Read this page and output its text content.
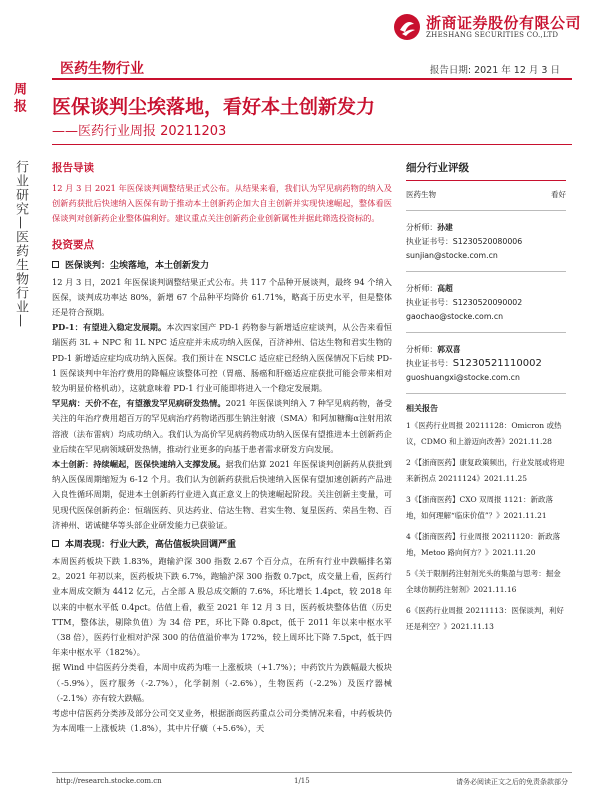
浙商证券股份有限公司
ZHESHANG SECURITIES CO.,LTD
医药生物行业	报告日期: 2021 年 12 月 3 日
周报
行业研究—医药生物行业—
医保谈判尘埃落地，看好本土创新发力
——医药行业周报 20211203
报告导读
12 月 3 日 2021 年医保谈判调整结果正式公布。从结果来看，我们认为罕见病药物的纳入及创新药获批后快速纳入医保有助于推动本土创新药企加大自主创新并实现快速崛起，整体看医保谈判对创新药企业整体偏利好。建议重点关注创新药企业创新属性并据此筛选投资标的。
投资要点
医保谈判：尘埃落地，本土创新发力
12 月 3 日，2021 年医保谈判调整结果正式公布。共 117 个品种开展谈判，最终 94 个纳入医保，谈判成功率达 80%，新增 67 个品种平均降价 61.71%，略高于历史水平，但是整体还是符合预期。
PD-1：有望进入稳定发展期。本次四家国产 PD-1 药物参与新增适应症谈判，从公告来看恒瑞医药 3L + NPC 和 1L NPC 适应症并未成功纳入医保，百济神州、信达生物和君实生物的 PD-1 新增适应症均成功纳入医保。我们预计在 NSCLC 适应症已经纳入医保情况下后续 PD-1 医保谈判中年治疗费用的降幅应该整体可控（胃癌、肠癌和肝癌适应症获批可能会带来相对较为明显价格机动），这就意味着 PD-1 行业可能即将进入一个稳定发展期。
罕见病：天价不在，有望激发罕见病研发热情。2021 年医保谈判纳入 7 种罕见病药物，备受关注的年治疗费用超百万的罕见病治疗药物诺西那生钠注射液（SMA）和阿加糖酶α注射用浓溶液（法布雷病）均成功纳入。我们认为高价罕见病药物成功纳入医保有望推进本土创新药企业后续在罕见病领域研发热情，推动行业更多的向基于患者需求研发方向发展。
本土创新：持续崛起，医保快速纳入支撑发展。据我们估算 2021 年医保谈判创新药从获批到纳入医保周期缩短为 6-12 个月。我们认为创新药获批后快速纳入医保有望加速创新药产品进入良性循环周期，促进本土创新药行业进入真正意义上的快速崛起阶段。关注创新主变量，可见现代医保创新药企：恒瑞医药、贝达药业、信达生物、君实生物、复星医药、荣昌生物、百济神州、诺诚健华等头部企业研发能力已获验证。
本周表现：行业大跌，高估值板块回调严重
本周医药板块下跌 1.83%，跑输沪深 300 指数 2.67 个百分点，在所有行业中跌幅排名第 2。2021 年初以来，医药板块下跌 6.7%，跑输沪深 300 指数 0.7pct，成交量上看，医药行业本周成交额为 4412 亿元，占全部 A 股总成交额的 7.6%，环比增长 1.4pct，较 2018 年以来的中枢水平低 0.4pct。估值上看，截至 2021 年 12 月 3 日，医药板块整体估值（历史 TTM，整体法，剔除负值）为 34 倍 PE，环比下降 0.8pct，低于 2011 年以来中枢水平（38 倍），医药行业相对沪深 300 的估值溢价率为 172%，较上周环比下降 7.5pct，低于四年来中枢水平（182%）。
据 Wind 中信医药分类看，本周中成药为唯一上涨板块（+1.7%）；中药饮片为跌幅最大板块（-5.9%），医疗服务（-2.7%），化学制剂（-2.6%），生物医药（-2.2%）及医疗器械（-2.1%）亦有较大跌幅。
考虑中信医药分类涉及部分公司交叉业务，根据浙商医药重点公司分类情况来看，中药板块仍为本周唯一上涨板块（1.8%），其中片仔癀（+5.6%），天
细分行业评级
医药生物	看好
分析师：孙建
执业证书号：S1230520080006
sunjian@stocke.com.cn
分析师：高超
执业证书号：S1230520090002
gaochao@stocke.com.cn
分析师：郭双喜
执业证书号：S1230521110002
guoshuangxi@stocke.com.cn
相关报告
1《医药行业周报 20211128：Omicron 或热议，CDMO 和上游迈向改善》2021.11.28
2《【浙商医药】康复政策频出，行业发展或将迎来新拐点 20211124》2021.11.25
3《【浙商医药】CXO 双周报 1121：新政落地，如何理解“临床价值”？》2021.11.21
4《【浙商医药】行业周报 20211120：新政落地，Metoo 路向何方？》2021.11.20
5《关于限制药注射剂光头的集盈与思考：掘金全球仿制药注射剂》2021.11.16
6《医药行业周报 20211113：医保谈判，利好还是利空？》2021.11.13
http://research.stocke.com.cn	1/15	请务必阅读正文之后的免责条款部分
